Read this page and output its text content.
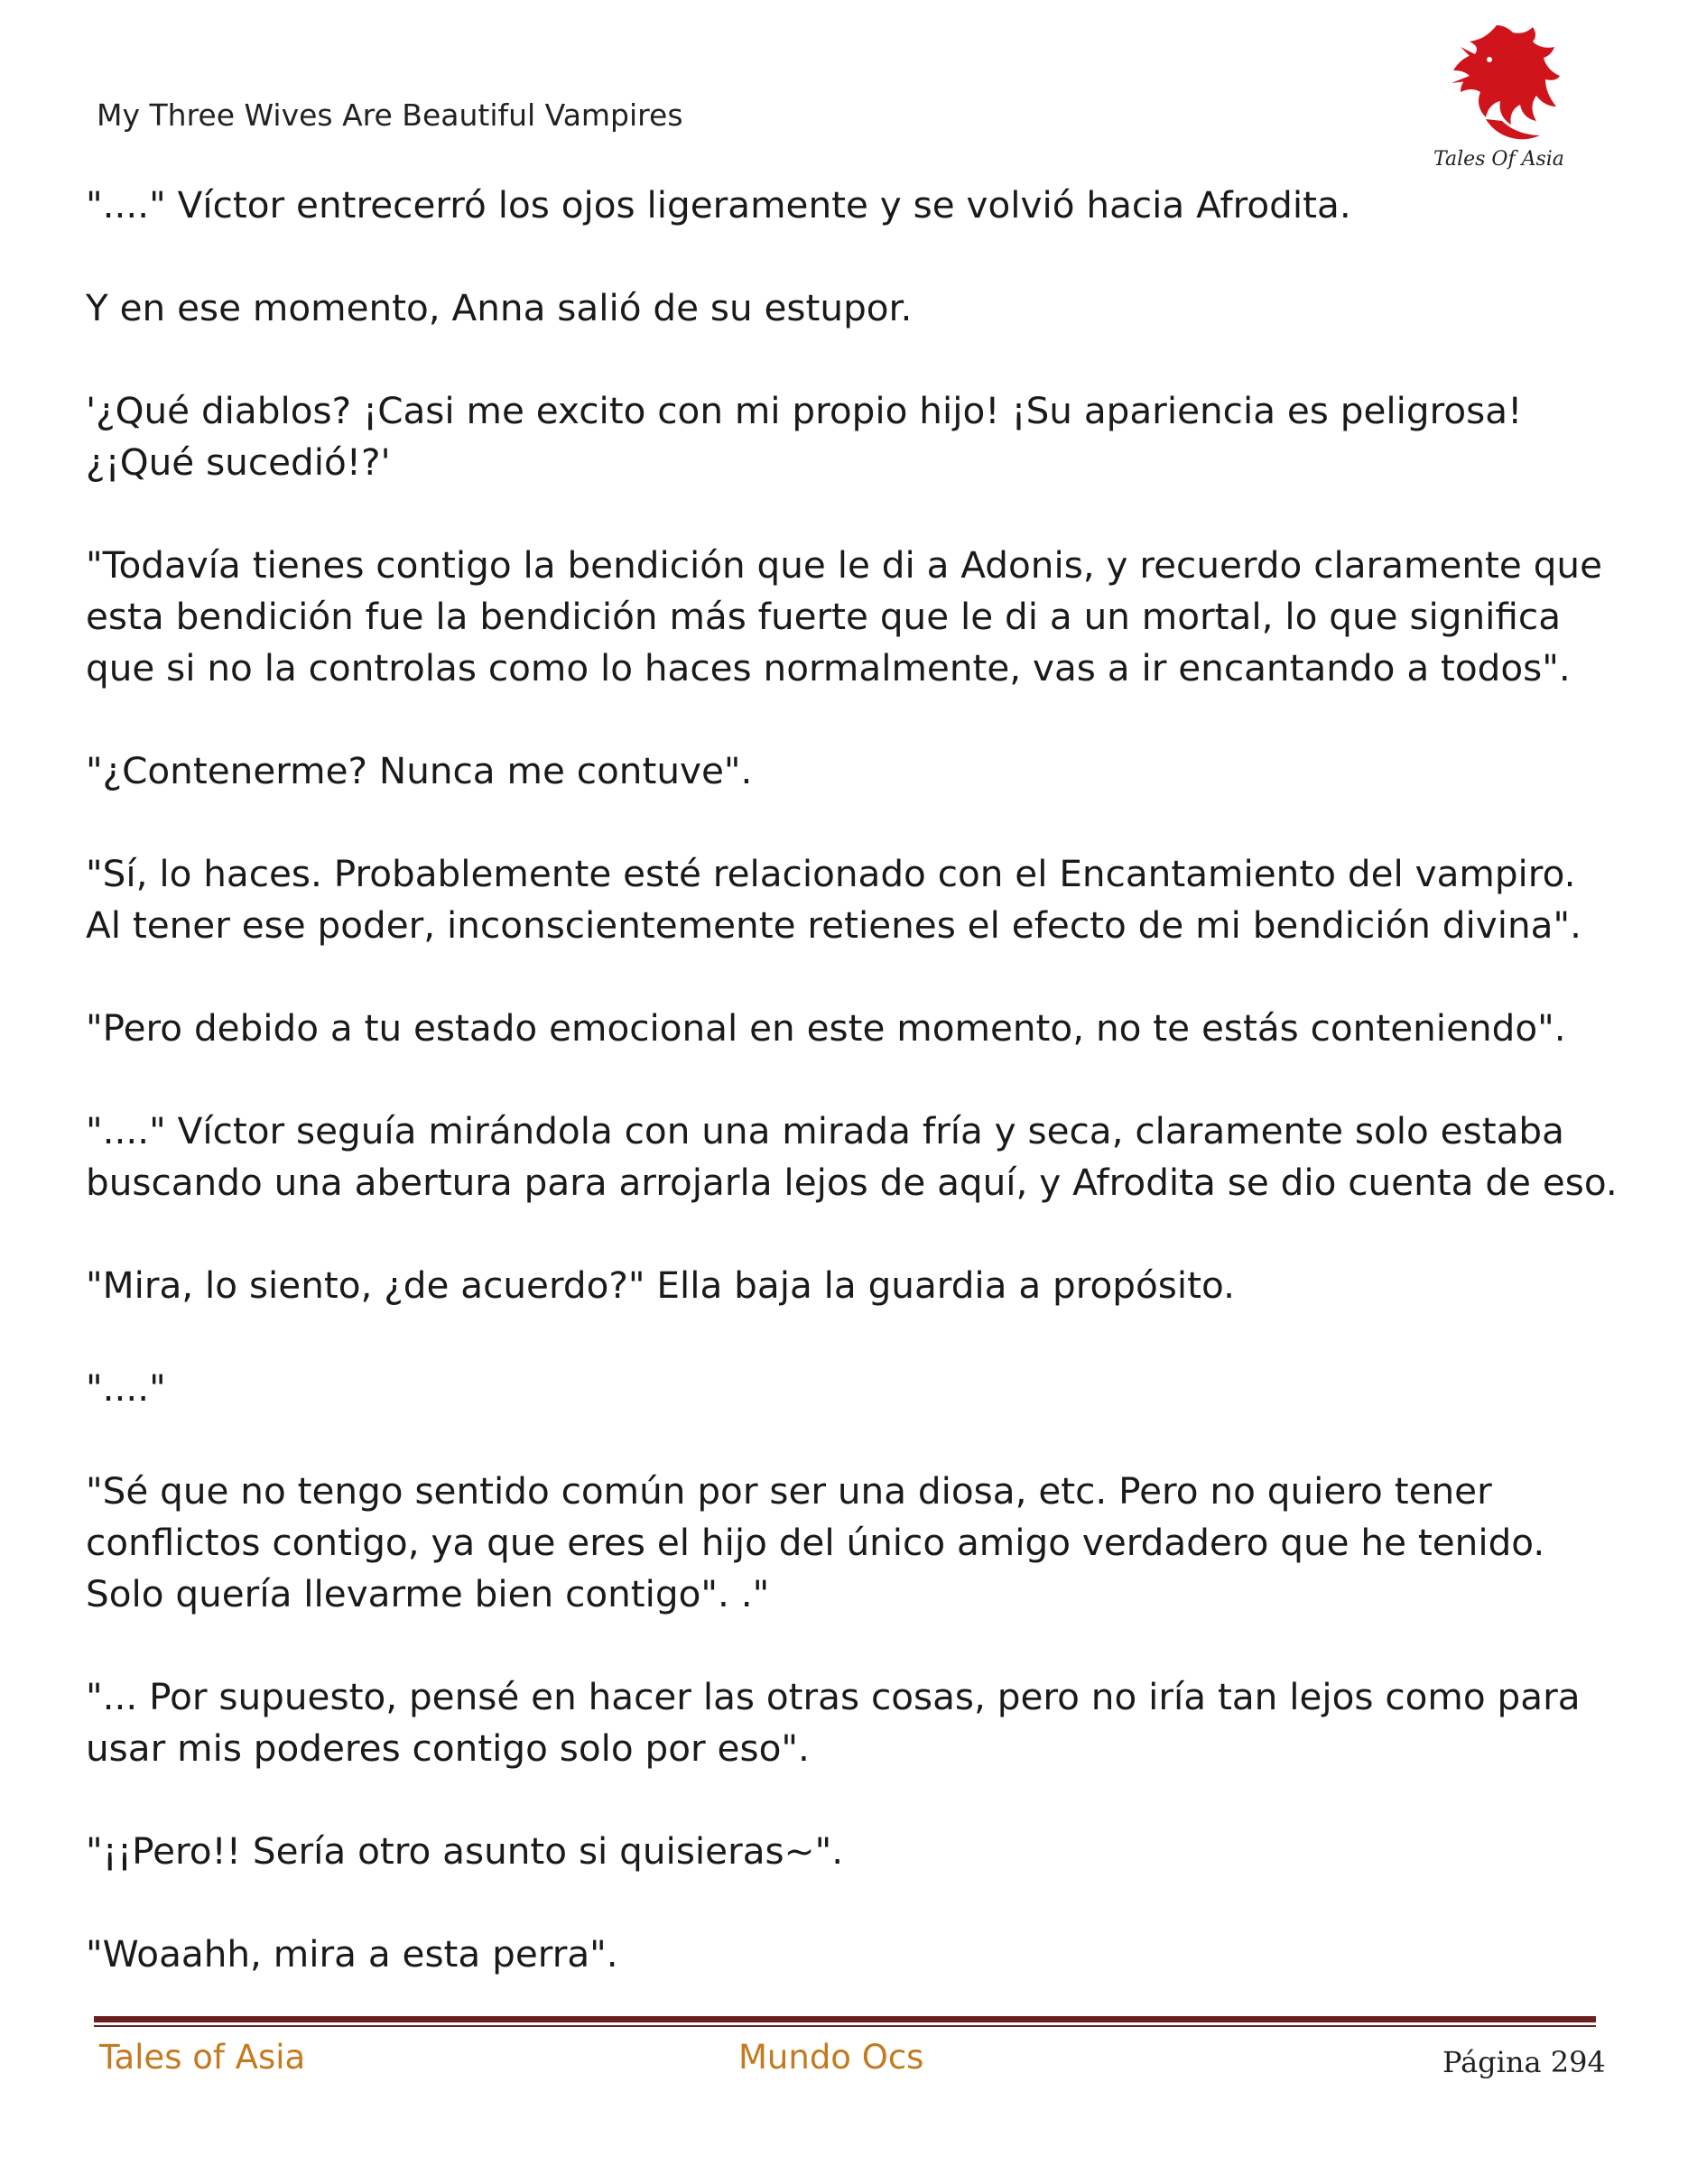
My Three Wives Are Beautiful Vampires
Tales Of Asia

"...." Víctor entrecerró los ojos ligeramente y se volvió hacia Afrodita.

Y en ese momento, Anna salió de su estupor.

'¿Qué diablos? ¡Casi me excito con mi propio hijo! ¡Su apariencia es peligrosa! ¿¡Qué sucedió!?'

"Todavía tienes contigo la bendición que le di a Adonis, y recuerdo claramente que esta bendición fue la bendición más fuerte que le di a un mortal, lo que significa que si no la controlas como lo haces normalmente, vas a ir encantando a todos".

"¿Contenerme? Nunca me contuve".

"Sí, lo haces. Probablemente esté relacionado con el Encantamiento del vampiro. Al tener ese poder, inconscientemente retienes el efecto de mi bendición divina".

"Pero debido a tu estado emocional en este momento, no te estás conteniendo".

"...." Víctor seguía mirándola con una mirada fría y seca, claramente solo estaba buscando una abertura para arrojarla lejos de aquí, y Afrodita se dio cuenta de eso.

"Mira, lo siento, ¿de acuerdo?" Ella baja la guardia a propósito.

"...."

"Sé que no tengo sentido común por ser una diosa, etc. Pero no quiero tener conflictos contigo, ya que eres el hijo del único amigo verdadero que he tenido. Solo quería llevarme bien contigo". ."

"... Por supuesto, pensé en hacer las otras cosas, pero no iría tan lejos como para usar mis poderes contigo solo por eso".

"¡¡Pero!! Sería otro asunto si quisieras~".

"Woaahh, mira a esta perra".

Tales of Asia	Mundo Ocs	Página 294
